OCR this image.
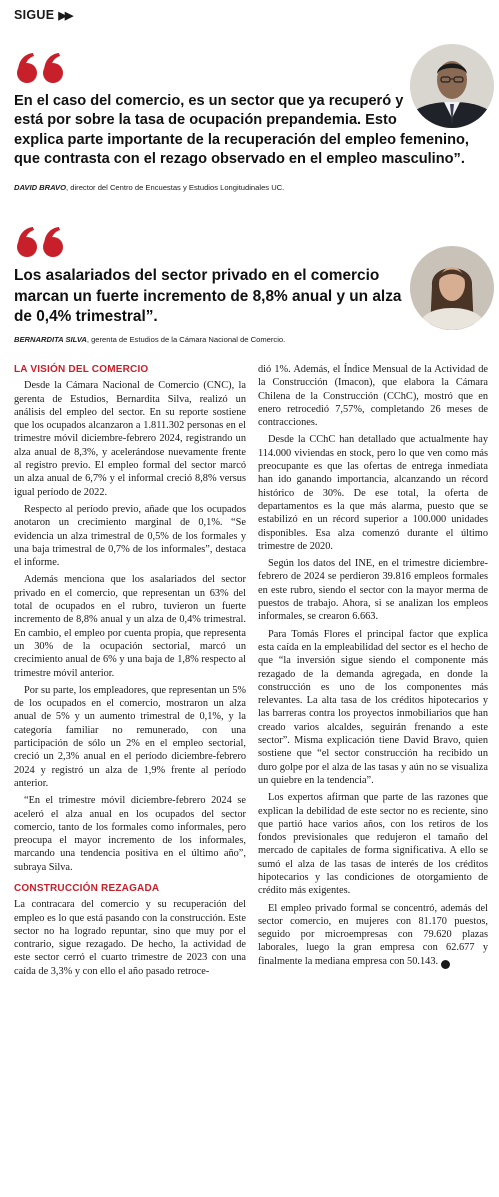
SIGUE ▶▶
En el caso del comercio, es un sector que ya recuperó y
está por sobre la tasa de ocupación prepandemia. Esto
explica parte importante de la recuperación del empleo femenino,
que contrasta con el rezago observado en el empleo masculino”.
DAVID BRAVO, director del Centro de Encuestas y Estudios Longitudinales UC.
Los asalariados del sector privado en el comercio
marcan un fuerte incremento de 8,8% anual y un alza
de 0,4% trimestral”.
BERNARDITA SILVA, gerenta de Estudios de la Cámara Nacional de Comercio.
LA VISIÓN DEL COMERCIO

Desde la Cámara Nacional de Comercio (CNC), la gerenta de Estudios, Bernardita Silva, realizó un análisis del empleo del sector. En su reporte sostiene que los ocupados alcanzaron a 1.811.302 personas en el trimestre móvil diciembre-febrero 2024, registrando un alza anual de 8,3%, y acelerándose nuevamente frente al registro previo. El empleo formal del sector marcó un alza anual de 6,7% y el informal creció 8,8% versus igual período de 2022.

Respecto al período previo, añade que los ocupados anotaron un crecimiento marginal de 0,1%. “Se evidencia un alza trimestral de 0,5% de los formales y una baja trimestral de 0,7% de los informales”, destaca el informe.

Además menciona que los asalariados del sector privado en el comercio, que representan un 63% del total de ocupados en el rubro, tuvieron un fuerte incremento de 8,8% anual y un alza de 0,4% trimestral. En cambio, el empleo por cuenta propia, que representa un 30% de la ocupación sectorial, marcó un crecimiento anual de 6% y una baja de 1,8% respecto al trimestre móvil anterior.

Por su parte, los empleadores, que representan un 5% de los ocupados en el comercio, mostraron un alza anual de 5% y un aumento trimestral de 0,1%, y la categoría familiar no remunerado, con una participación de sólo un 2% en el empleo sectorial, creció un 2,3% anual en el período diciembre-febrero 2024 y registró un alza de 1,9% frente al período anterior.

“En el trimestre móvil diciembre-febrero 2024 se aceleró el alza anual en los ocupados del sector comercio, tanto de los formales como informales, pero preocupa el mayor incremento de los informales, marcando una tendencia positiva en el último año”, subraya Silva.

CONSTRUCCIÓN REZAGADA

La contracara del comercio y su recuperación del empleo es lo que está pasando con la construcción. Este sector no ha logrado repuntar, sino que muy por el contrario, sigue rezagado. De hecho, la actividad de este sector cerró el cuarto trimestre de 2023 con una caída de 3,3% y con ello el año pasado retroce-

dió 1%. Además, el Índice Mensual de la Actividad de la Construcción (Imacon), que elabora la Cámara Chilena de la Construcción (CChC), mostró que en enero retrocedió 7,57%, completando 26 meses de contracciones.

Desde la CChC han detallado que actualmente hay 114.000 viviendas en stock, pero lo que ven como más preocupante es que las ofertas de entrega inmediata han ido ganando importancia, alcanzando un récord histórico de 30%. De ese total, la oferta de departamentos es la que más alarma, puesto que se estabilizó en un récord superior a 100.000 unidades disponibles. Esa alza comenzó durante el último trimestre de 2020.

Según los datos del INE, en el trimestre diciembre-febrero de 2024 se perdieron 39.816 empleos formales en este rubro, siendo el sector con la mayor merma de puestos de trabajo. Ahora, si se analizan los empleos informales, se crearon 6.663.

Para Tomás Flores el principal factor que explica esta caída en la empleabilidad del sector es el hecho de que “la inversión sigue siendo el componente más rezagado de la demanda agregada, en donde la construcción es uno de los componentes más relevantes. La alta tasa de los créditos hipotecarios y las barreras contra los proyectos inmobiliarios que han creado varios alcaldes, seguirán frenando a este sector”. Misma explicación tiene David Bravo, quien sostiene que “el sector construcción ha recibido un duro golpe por el alza de las tasas y aún no se visualiza un quiebre en la tendencia”.

Los expertos afirman que parte de las razones que explican la debilidad de este sector no es reciente, sino que partió hace varios años, con los retiros de los fondos previsionales que redujeron el tamaño del mercado de capitales de forma significativa. A ello se sumó el alza de las tasas de interés de los créditos hipotecarios y las condiciones de otorgamiento de crédito más exigentes.

El empleo privado formal se concentró, además del sector comercio, en mujeres con 81.170 puestos, seguido por microempresas con 79.620 plazas laborales, luego la gran empresa con 62.677 y finalmente la mediana empresa con 50.143. P
